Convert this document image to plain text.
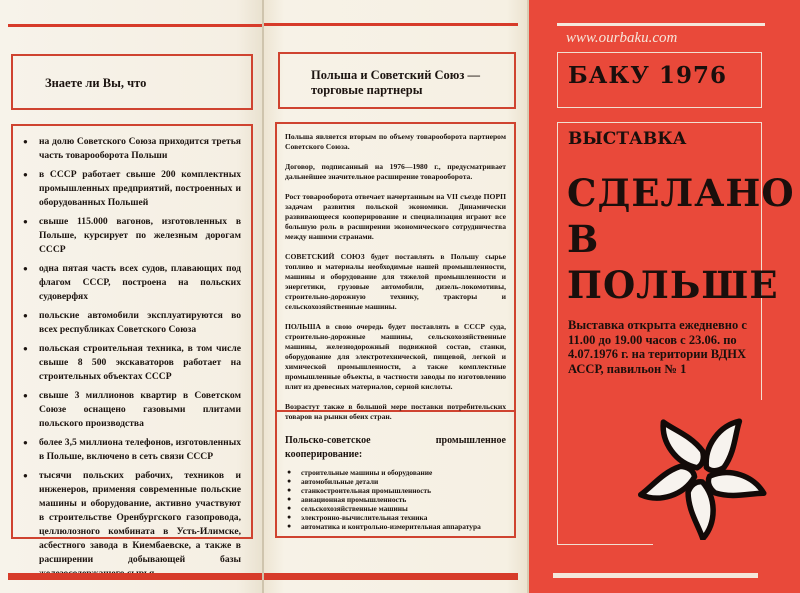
Знаете ли Вы, что
● на долю Советского Союза приходится третья часть товарооборота Польши
● в СССР работает свыше 200 комплектных промышленных предприятий, построенных и оборудованных Польшей
● свыше 115.000 вагонов, изготовленных в Польше, курсирует по железным дорогам СССР
● одна пятая часть всех судов, плавающих под флагом СССР, построена на польских судоверфях
● польские автомобили эксплуатируются во всех республиках Советского Союза
● польская строительная техника, в том числе свыше 8 500 экскаваторов работает на строительных объектах СССР
● свыше 3 миллионов квартир в Советском Союзе оснащено газовыми плитами польского производства
● более 3,5 миллиона телефонов, изготовленных в Польше, включено в сеть связи СССР
● тысячи польских рабочих, техников и инженеров, применяя современные польские машины и оборудование, активно участвуют в строительстве Оренбургского газопровода, целлюлозного комбината в Усть-Илимске, асбестного завода в Киембаевске, а также в расширении добывающей базы
Польша и Советский Союз — торговые партнеры

Польша является вторым по объему товарооборота партнером Советского Союза.

Договор, подписанный на 1976—1980 г., предусматривает дальнейшее значительное расширение товарооборота.

Рост товарооборота отвечает начертанным на VII съезде ПОРП задачам развития польской экономики. Динамически развивающееся кооперирование и специализация играют все большую роль в расширении экономического сотрудничества между нашими странами.

СОВЕТСКИЙ СОЮЗ будет поставлять в Польшу сырье топливо и материалы необходимые нашей промышленности, машины и оборудование для тяжелой промышленности и энергетики, грузовые автомобили, дизель-локомотивы, строительно-дорожную технику, тракторы и сельскохозяйственные машины.

ПОЛЬША в свою очередь будет поставлять в СССР суда, строительно-дорожные машины, сельскохозяйственные машины, железнодорожный подвижной состав, станки, оборудование для электротехнической, пищевой, легкой и химической промышленности, а также комплектные промышленные объекты, в частности заводы по изготовлению плит из древесных материалов, серной кислоты.

Возрастут также в большой мере поставки потребительских товаров на рынки обеих стран.

Польско-советское промышленное кооперирование:
● строительные машины и оборудование
● автомобильные детали
● станкостроительная промышленность
● авиационная промышленность
● сельскохозяйственные машины
● электронно-вычислительная техника
● автоматика и контрольно-измерительная аппаратура
www.ourbaku.com
БАКУ 1976
ВЫСТАВКА
СДЕЛАНО
В
ПОЛЬШЕ
Выставка открыта ежедневно с 11.00 до 19.00 часов с 23.06. по 4.07.1976 г. на територии ВДНХ АССР, павильон № 1
